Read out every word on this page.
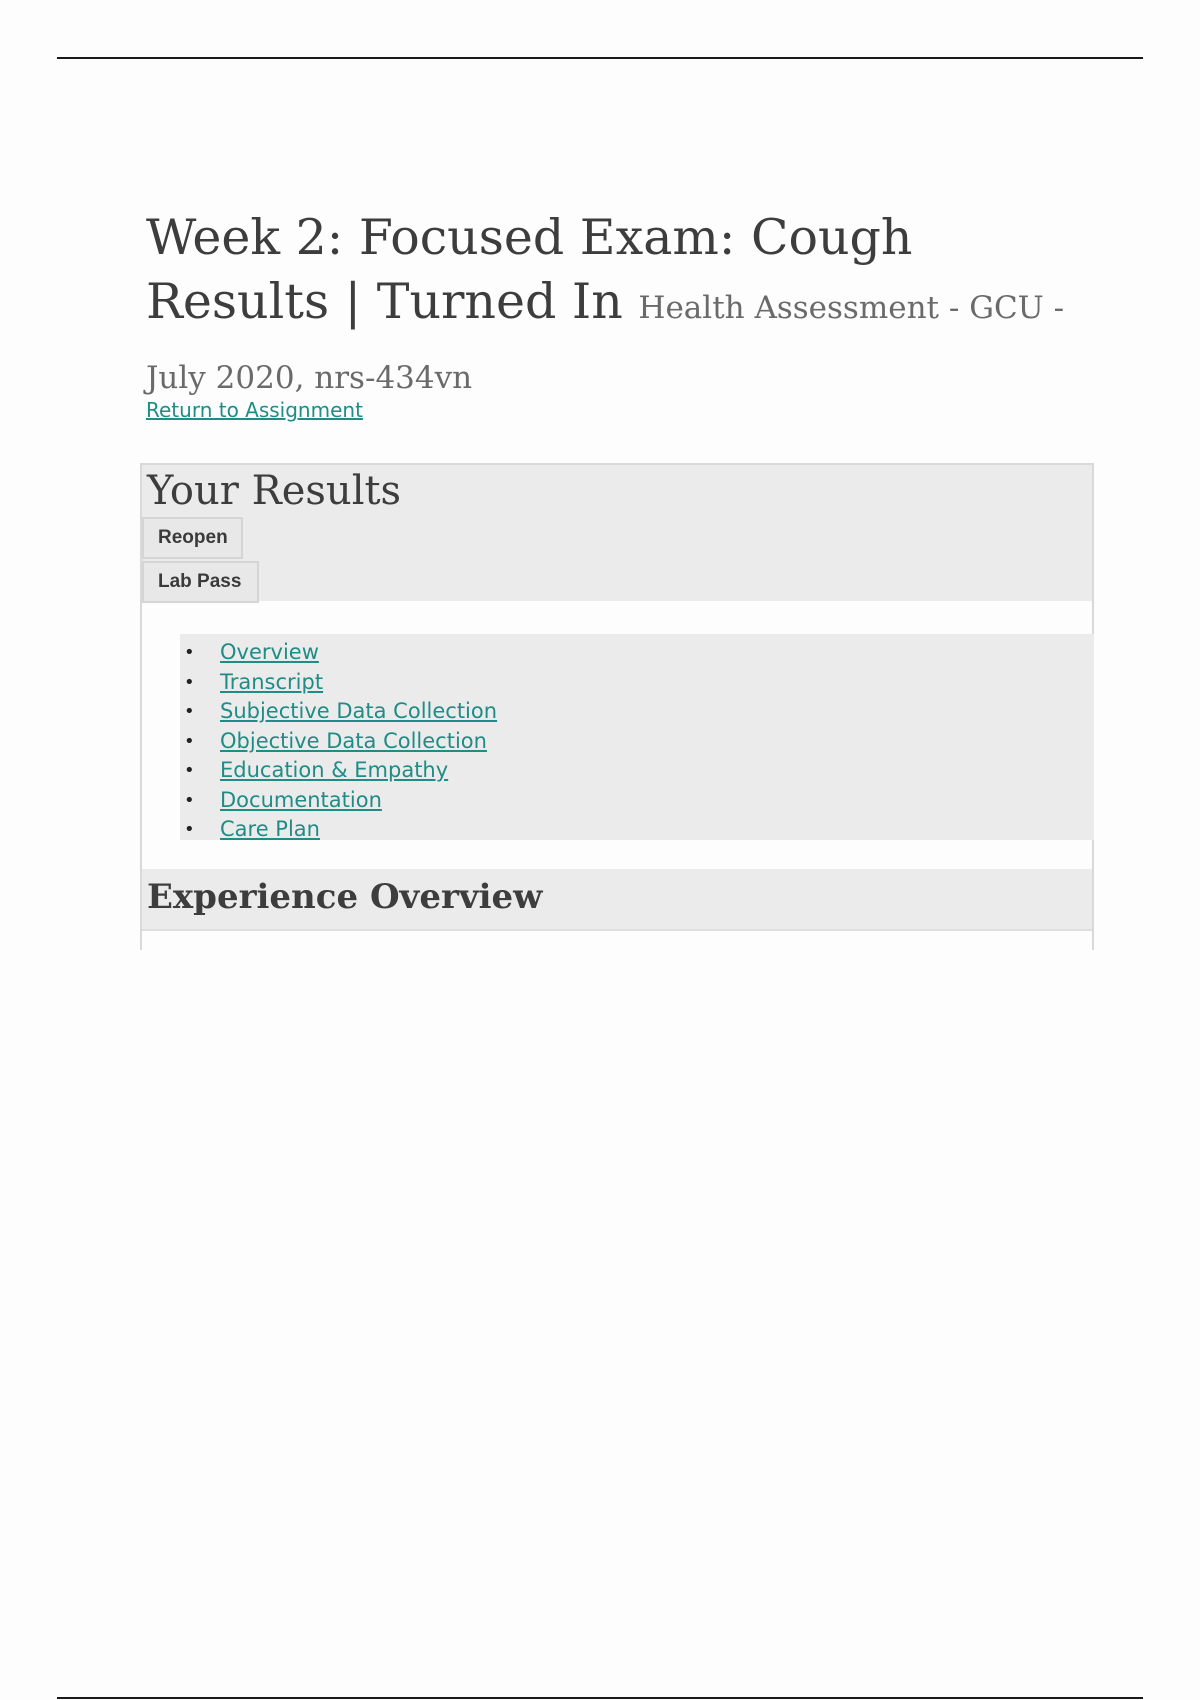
Week 2: Focused Exam: Cough Results | Turned In Health Assessment - GCU - July 2020, nrs-434vn
Return to Assignment
Your Results
Reopen
Lab Pass
• Overview
• Transcript
• Subjective Data Collection
• Objective Data Collection
• Education & Empathy
• Documentation
• Care Plan
Experience Overview
